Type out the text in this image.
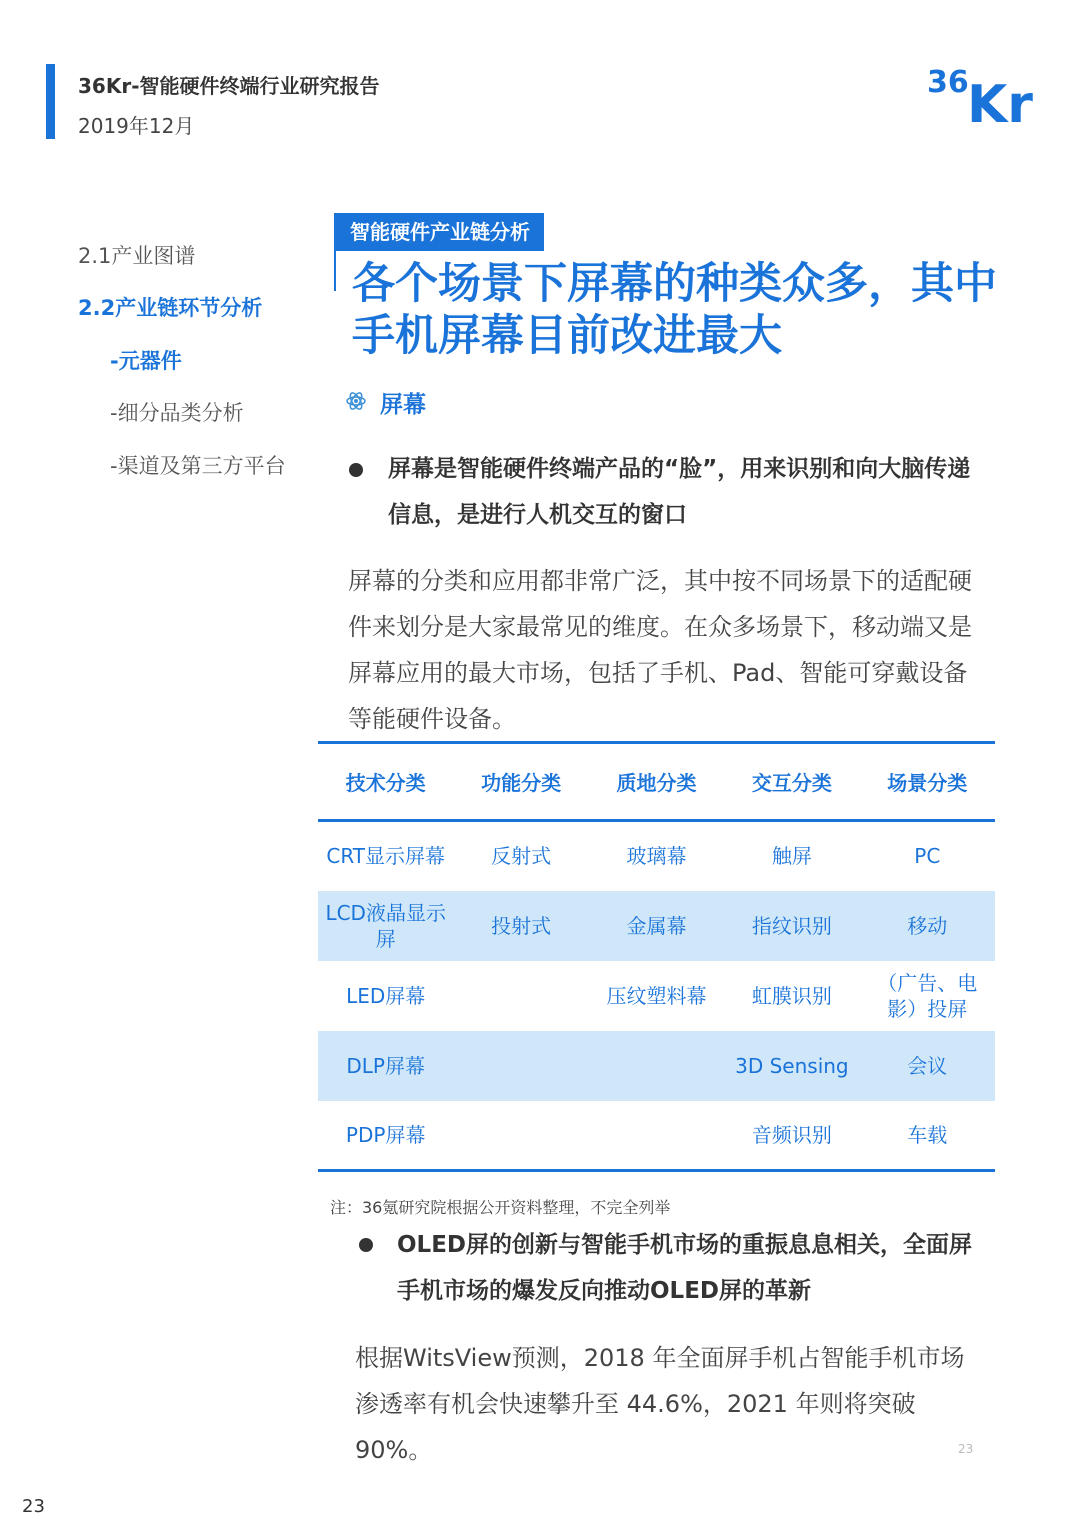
36Kr-智能硬件终端行业研究报告
2019年12月
36
Kr
2.1产业图谱
2.2产业链环节分析
-元器件
-细分品类分析
-渠道及第三方平台
智能硬件产业链分析
各个场景下屏幕的种类众多，其中手机屏幕目前改进最大
屏幕
屏幕是智能硬件终端产品的“脸”，用来识别和向大脑传递信息，是进行人机交互的窗口
屏幕的分类和应用都非常广泛，其中按不同场景下的适配硬件来划分是大家最常见的维度。在众多场景下，移动端又是屏幕应用的最大市场，包括了手机、Pad、智能可穿戴设备等能硬件设备。
技术分类	功能分类	质地分类	交互分类	场景分类
CRT显示屏幕	反射式	玻璃幕	触屏	PC
LCD液晶显示屏	投射式	金属幕	指纹识别	移动
LED屏幕		压纹塑料幕	虹膜识别	（广告、电影）投屏
DLP屏幕			3D Sensing	会议
PDP屏幕			音频识别	车载
注：36氪研究院根据公开资料整理，不完全列举
OLED屏的创新与智能手机市场的重振息息相关，全面屏手机市场的爆发反向推动OLED屏的革新
根据WitsView预测，2018 年全面屏手机占智能手机市场渗透率有机会快速攀升至 44.6%，2021 年则将突破90%。	23
23
